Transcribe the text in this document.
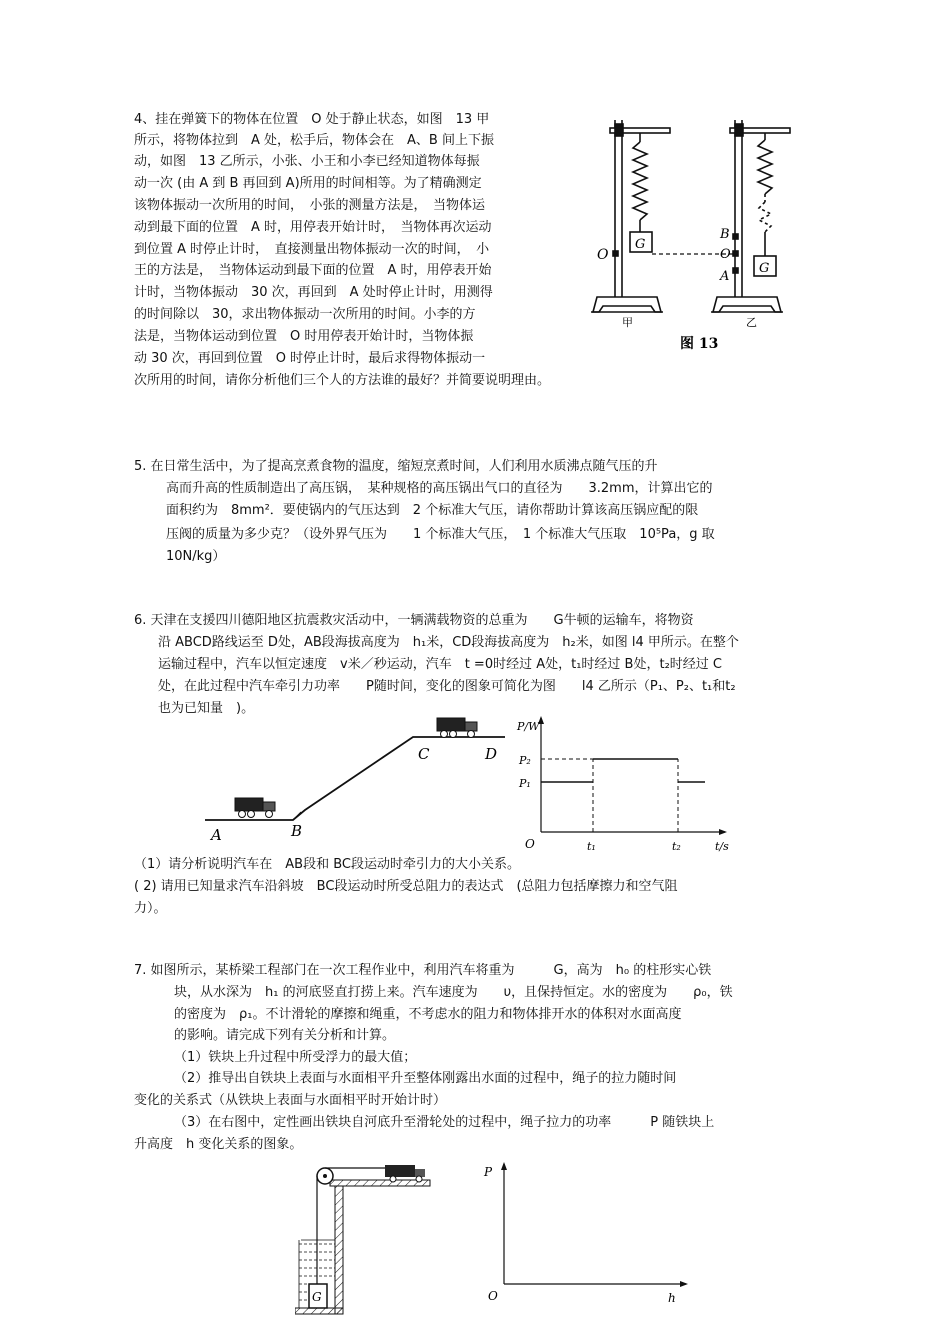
4、挂在弹簧下的物体在位置　O 处于静止状态，如图　13 甲
所示，将物体拉到　A 处，松手后，物体会在　A、B 间上下振
动，如图　13 乙所示，小张、小王和小李已经知道物体每振
动一次 (由 A 到 B 再回到 A)所用的时间相等。为了精确测定
该物体振动一次所用的时间，　小张的测量方法是，　当物体运
动到最下面的位置　A 时，用停表开始计时，　当物体再次运动
到位置 A 时停止计时，　直接测量出物体振动一次的时间，　小
王的方法是，　当物体运动到最下面的位置　A 时，用停表开始
计时，当物体振动　30 次，再回到　A 处时停止计时，用测得
的时间除以　30，求出物体振动一次所用的时间。小李的方
法是，当物体运动到位置　O 时用停表开始计时，当物体振
动 30 次，再回到位置　O 时停止计时，最后求得物体振动一
次所用的时间，请你分析他们三个人的方法谁的最好？并简要说明理由。
O
G
B
O
A
G
甲	乙
图 13
5. 在日常生活中，为了提高烹煮食物的温度，缩短烹煮时间，人们利用水质沸点随气压的升
高而升高的性质制造出了高压锅，　某种规格的高压锅出气口的直径为　　3.2mm，计算出它的
面积约为　8mm²．要使锅内的气压达到　2 个标准大气压，请你帮助计算该高压锅应配的限
压阀的质量为多少克？（设外界气压为　　1 个标准大气压，　1 个标准大气压取　10⁵Pa，g 取
10N/kg）
6. 天津在支援四川德阳地区抗震救灾活动中，一辆满载物资的总重为　　G牛顿的运输车，将物资
沿 ABCD路线运至 D处，AB段海拔高度为　h₁米，CD段海拔高度为　h₂米，如图 l4 甲所示。在整个
运输过程中，汽车以恒定速度　v米／秒运动，汽车　t =0时经过 A处，t₁时经过 B处，t₂时经过 C
处，在此过程中汽车牵引力功率　　P随时间，变化的图象可简化为图　　l4 乙所示（P₁、P₂、t₁和t₂
也为已知量　)。
A	B
C	D
P/W
t/s
O
P₂
P₁
t₁	t₂
（1）请分析说明汽车在　AB段和 BC段运动时牵引力的大小关系。
( 2) 请用已知量求汽车沿斜坡　BC段运动时所受总阻力的表达式　(总阻力包括摩擦力和空气阻
力）。
7. 如图所示，某桥梁工程部门在一次工程作业中，利用汽车将重为　　　G，高为　h₀ 的柱形实心铁
块，从水深为　h₁ 的河底竖直打捞上来。汽车速度为　　υ，且保持恒定。水的密度为　　ρ₀，铁
的密度为　ρ₁。不计滑轮的摩擦和绳重，不考虑水的阻力和物体排开水的体积对水面高度
的影响。请完成下列有关分析和计算。
（1）铁块上升过程中所受浮力的最大值；
（2）推导出自铁块上表面与水面相平升至整体刚露出水面的过程中，绳子的拉力随时间
变化的关系式（从铁块上表面与水面相平时开始计时）
（3）在右图中，定性画出铁块自河底升至滑轮处的过程中，绳子拉力的功率　　　P 随铁块上
升高度　h 变化关系的图象。
G
P
O	h
